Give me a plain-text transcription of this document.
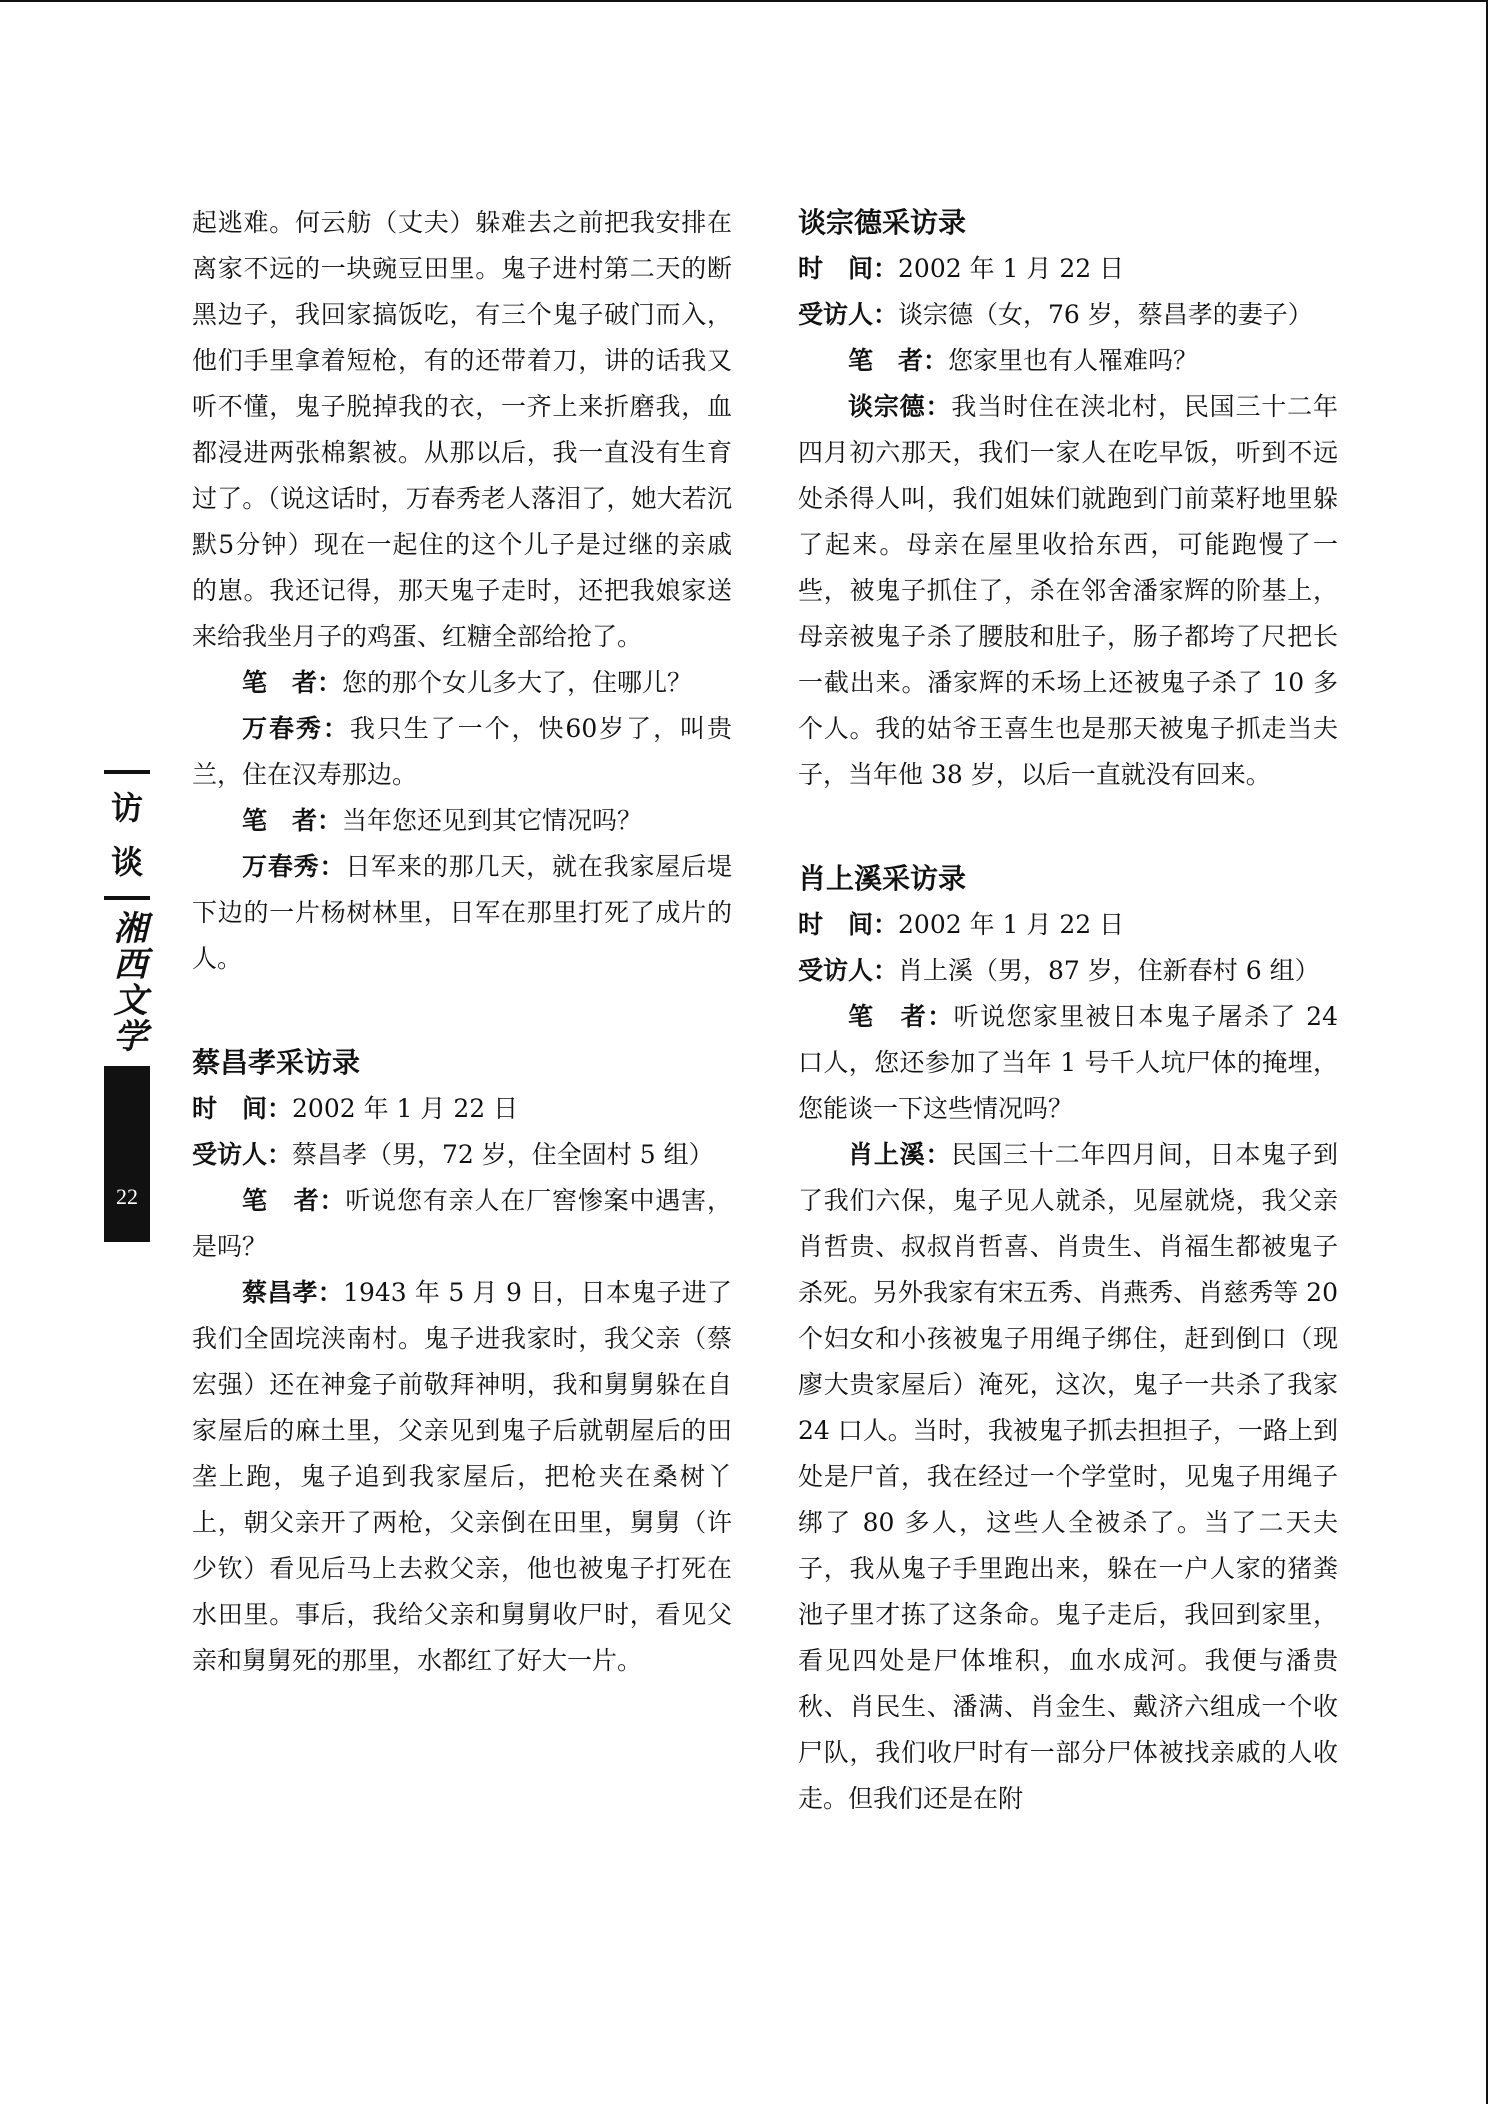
访
谈
湘西文学
22

起逃难。何云舫（丈夫）躲难去之前把我安排在离家不远的一块豌豆田里。鬼子进村第二天的断黑边子，我回家搞饭吃，有三个鬼子破门而入，他们手里拿着短枪，有的还带着刀，讲的话我又听不懂，鬼子脱掉我的衣，一齐上来折磨我，血都浸进两张棉絮被。从那以后，我一直没有生育过了。（说这话时，万春秀老人落泪了，她大若沉默5分钟）现在一起住的这个儿子是过继的亲戚的崽。我还记得，那天鬼子走时，还把我娘家送来给我坐月子的鸡蛋、红糖全部给抢了。

笔　者：您的那个女儿多大了，住哪儿？

万春秀：我只生了一个，快60岁了，叫贵兰，住在汉寿那边。

笔　者：当年您还见到其它情况吗？

万春秀：日军来的那几天，就在我家屋后堤下边的一片杨树林里，日军在那里打死了成片的人。

蔡昌孝采访录

时　间：2002 年 1 月 22 日

受访人：蔡昌孝（男，72 岁，住全固村 5 组）

笔　者：听说您有亲人在厂窖惨案中遇害，是吗？

蔡昌孝：1943 年 5 月 9 日，日本鬼子进了我们全固垸浃南村。鬼子进我家时，我父亲（蔡宏强）还在神龛子前敬拜神明，我和舅舅躲在自家屋后的麻土里，父亲见到鬼子后就朝屋后的田垄上跑，鬼子追到我家屋后，把枪夹在桑树丫上，朝父亲开了两枪，父亲倒在田里，舅舅（许少钦）看见后马上去救父亲，他也被鬼子打死在水田里。事后，我给父亲和舅舅收尸时，看见父亲和舅舅死的那里，水都红了好大一片。

谈宗德采访录

时　间：2002 年 1 月 22 日

受访人：谈宗德（女，76 岁，蔡昌孝的妻子）

笔　者：您家里也有人罹难吗？

谈宗德：我当时住在浃北村，民国三十二年四月初六那天，我们一家人在吃早饭，听到不远处杀得人叫，我们姐妹们就跑到门前菜籽地里躲了起来。母亲在屋里收拾东西，可能跑慢了一些，被鬼子抓住了，杀在邻舍潘家辉的阶基上，母亲被鬼子杀了腰肢和肚子，肠子都垮了尺把长一截出来。潘家辉的禾场上还被鬼子杀了 10 多个人。我的姑爷王喜生也是那天被鬼子抓走当夫子，当年他 38 岁，以后一直就没有回来。

肖上溪采访录

时　间：2002 年 1 月 22 日

受访人：肖上溪（男，87 岁，住新春村 6 组）

笔　者：听说您家里被日本鬼子屠杀了 24 口人，您还参加了当年 1 号千人坑尸体的掩埋，您能谈一下这些情况吗？

肖上溪：民国三十二年四月间，日本鬼子到了我们六保，鬼子见人就杀，见屋就烧，我父亲肖哲贵、叔叔肖哲喜、肖贵生、肖福生都被鬼子杀死。另外我家有宋五秀、肖燕秀、肖慈秀等 20 个妇女和小孩被鬼子用绳子绑住，赶到倒口（现廖大贵家屋后）淹死，这次，鬼子一共杀了我家 24 口人。当时，我被鬼子抓去担担子，一路上到处是尸首，我在经过一个学堂时，见鬼子用绳子绑了 80 多人，这些人全被杀了。当了二天夫子，我从鬼子手里跑出来，躲在一户人家的猪粪池子里才拣了这条命。鬼子走后，我回到家里，看见四处是尸体堆积，血水成河。我便与潘贵秋、肖民生、潘满、肖金生、戴济六组成一个收尸队，我们收尸时有一部分尸体被找亲戚的人收走。但我们还是在附
